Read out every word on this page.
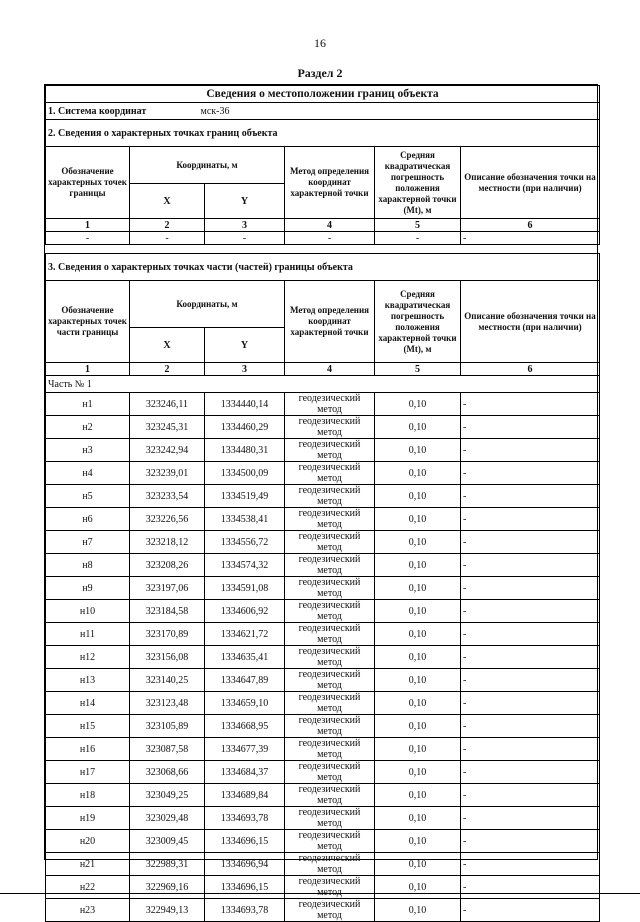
16
Раздел 2
Сведения о местоположении границ объекта					
1. Система координат мск-36					
2. Сведения о характерных точках границ объекта					
Обозначение характерных точек границы	Координаты, м		Метод определения координат характерной точки	Средняя квадратическая погрешность положения характерной точки (Mt), м	Описание обозначения точки на местности (при наличии)
	X	Y			
1	2	3	4	5	6
-	-	-	-	-	-

3. Сведения о характерных точках части (частей) границы объекта					
Обозначение характерных точек части границы	Координаты, м		Метод определения координат характерной точки	Средняя квадратическая погрешность положения характерной точки (Mt), м	Описание обозначения точки на местности (при наличии)
	X	Y			
1	2	3	4	5	6
Часть № 1					
н1	323246,11	1334440,14	геодезический метод	0,10	-
н2	323245,31	1334460,29	геодезический метод	0,10	-
н3	323242,94	1334480,31	геодезический метод	0,10	-
н4	323239,01	1334500,09	геодезический метод	0,10	-
н5	323233,54	1334519,49	геодезический метод	0,10	-
н6	323226,56	1334538,41	геодезический метод	0,10	-
н7	323218,12	1334556,72	геодезический метод	0,10	-
н8	323208,26	1334574,32	геодезический метод	0,10	-
н9	323197,06	1334591,08	геодезический метод	0,10	-
н10	323184,58	1334606,92	геодезический метод	0,10	-
н11	323170,89	1334621,72	геодезический метод	0,10	-
н12	323156,08	1334635,41	геодезический метод	0,10	-
н13	323140,25	1334647,89	геодезический метод	0,10	-
н14	323123,48	1334659,10	геодезический метод	0,10	-
н15	323105,89	1334668,95	геодезический метод	0,10	-
н16	323087,58	1334677,39	геодезический метод	0,10	-
н17	323068,66	1334684,37	геодезический метод	0,10	-
н18	323049,25	1334689,84	геодезический метод	0,10	-
н19	323029,48	1334693,78	геодезический метод	0,10	-
н20	323009,45	1334696,15	геодезический метод	0,10	-
н21	322989,31	1334696,94	геодезический метод	0,10	-
н22	322969,16	1334696,15	геодезический метод	0,10	-
н23	322949,13	1334693,78	геодезический метод	0,10	-
